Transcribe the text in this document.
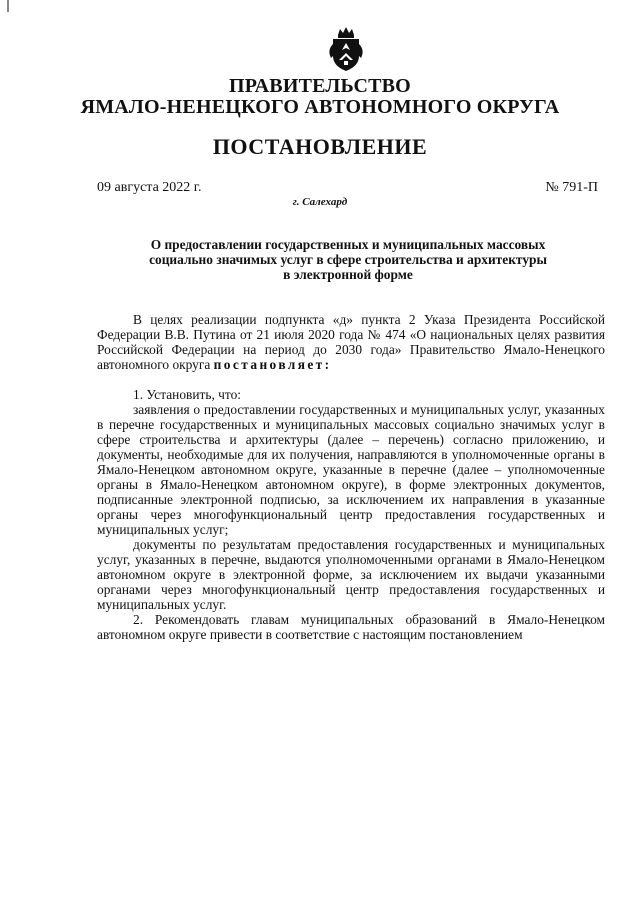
ПРАВИТЕЛЬСТВО
ЯМАЛО-НЕНЕЦКОГО АВТОНОМНОГО ОКРУГА
ПОСТАНОВЛЕНИЕ
09 августа 2022 г.	№ 791-П
г. Салехард
О предоставлении государственных и муниципальных массовых
социально значимых услуг в сфере строительства и архитектуры
в электронной форме

В целях реализации подпункта «д» пункта 2 Указа Президента Российской Федерации В.В. Путина от 21 июля 2020 года № 474 «О национальных целях развития Российской Федерации на период до 2030 года» Правительство Ямало-Ненецкого автономного округа постановляет:

1. Установить, что:

заявления о предоставлении государственных и муниципальных услуг, указанных в перечне государственных и муниципальных массовых социально значимых услуг в сфере строительства и архитектуры (далее – перечень) согласно приложению, и документы, необходимые для их получения, направляются в уполномоченные органы в Ямало-Ненецком автономном округе, указанные в перечне (далее – уполномоченные органы в Ямало-Ненецком автономном округе), в форме электронных документов, подписанные электронной подписью, за исключением их направления в указанные органы через многофункциональный центр предоставления государственных и муниципальных услуг;

документы по результатам предоставления государственных и муниципальных услуг, указанных в перечне, выдаются уполномоченными органами в Ямало-Ненецком автономном округе в электронной форме, за исключением их выдачи указанными органами через многофункциональный центр предоставления государственных и муниципальных услуг.

2. Рекомендовать главам муниципальных образований в Ямало-Ненецком автономном округе привести в соответствие с настоящим постановлением
